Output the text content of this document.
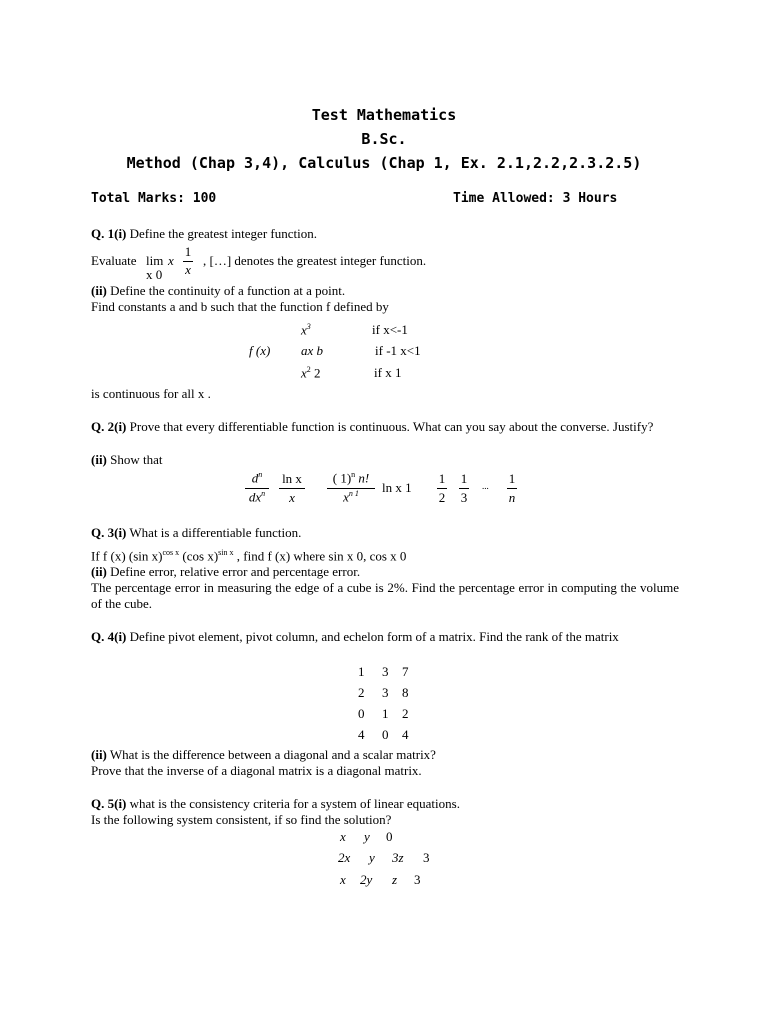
Test Mathematics
B.Sc.
Method (Chap 3,4), Calculus (Chap 1, Ex. 2.1,2.2,2.3.2.5)
Total Marks: 100	Time Allowed: 3 Hours
Q. 1(i) Define the greatest integer function.
Evaluate lim
x 0
x
1
x
, […] denotes the greatest integer function.
(ii) Define the continuity of a function at a point.
Find constants a and b such that the function f defined by
f (x)
$x^3$	if x<-1
ax b	if -1 x<1
$x^2$ 2	if x 1
is continuous for all x .
Q. 2(i) Prove that every differentiable function is continuous. What can you say about the converse. Justify?
(ii) Show that
$d^n$
$dx^n$
ln x
x
( 1)$^n$ n!
$x^{n 1}$	ln x 1
1
2
1
3
... 1
n
Q. 3(i) What is a differentiable function.
If f (x) (sin x)$^{cos x}$ (cos x)$^{sin x}$ , find f (x) where sin x 0, cos x 0
(ii) Define error, relative error and percentage error.
The percentage error in measuring the edge of a cube is 2%. Find the percentage error in computing the volume of the cube.
Q. 4(i) Define pivot element, pivot column, and echelon form of a matrix. Find the rank of the matrix
1 3 7
2 3 8
0 1 2
4 0 4
(ii) What is the difference between a diagonal and a scalar matrix?
Prove that the inverse of a diagonal matrix is a diagonal matrix.
Q. 5(i) what is the consistency criteria for a system of linear equations.
Is the following system consistent, if so find the solution?
x y 0
2x y 3z 3
x 2y z 3
